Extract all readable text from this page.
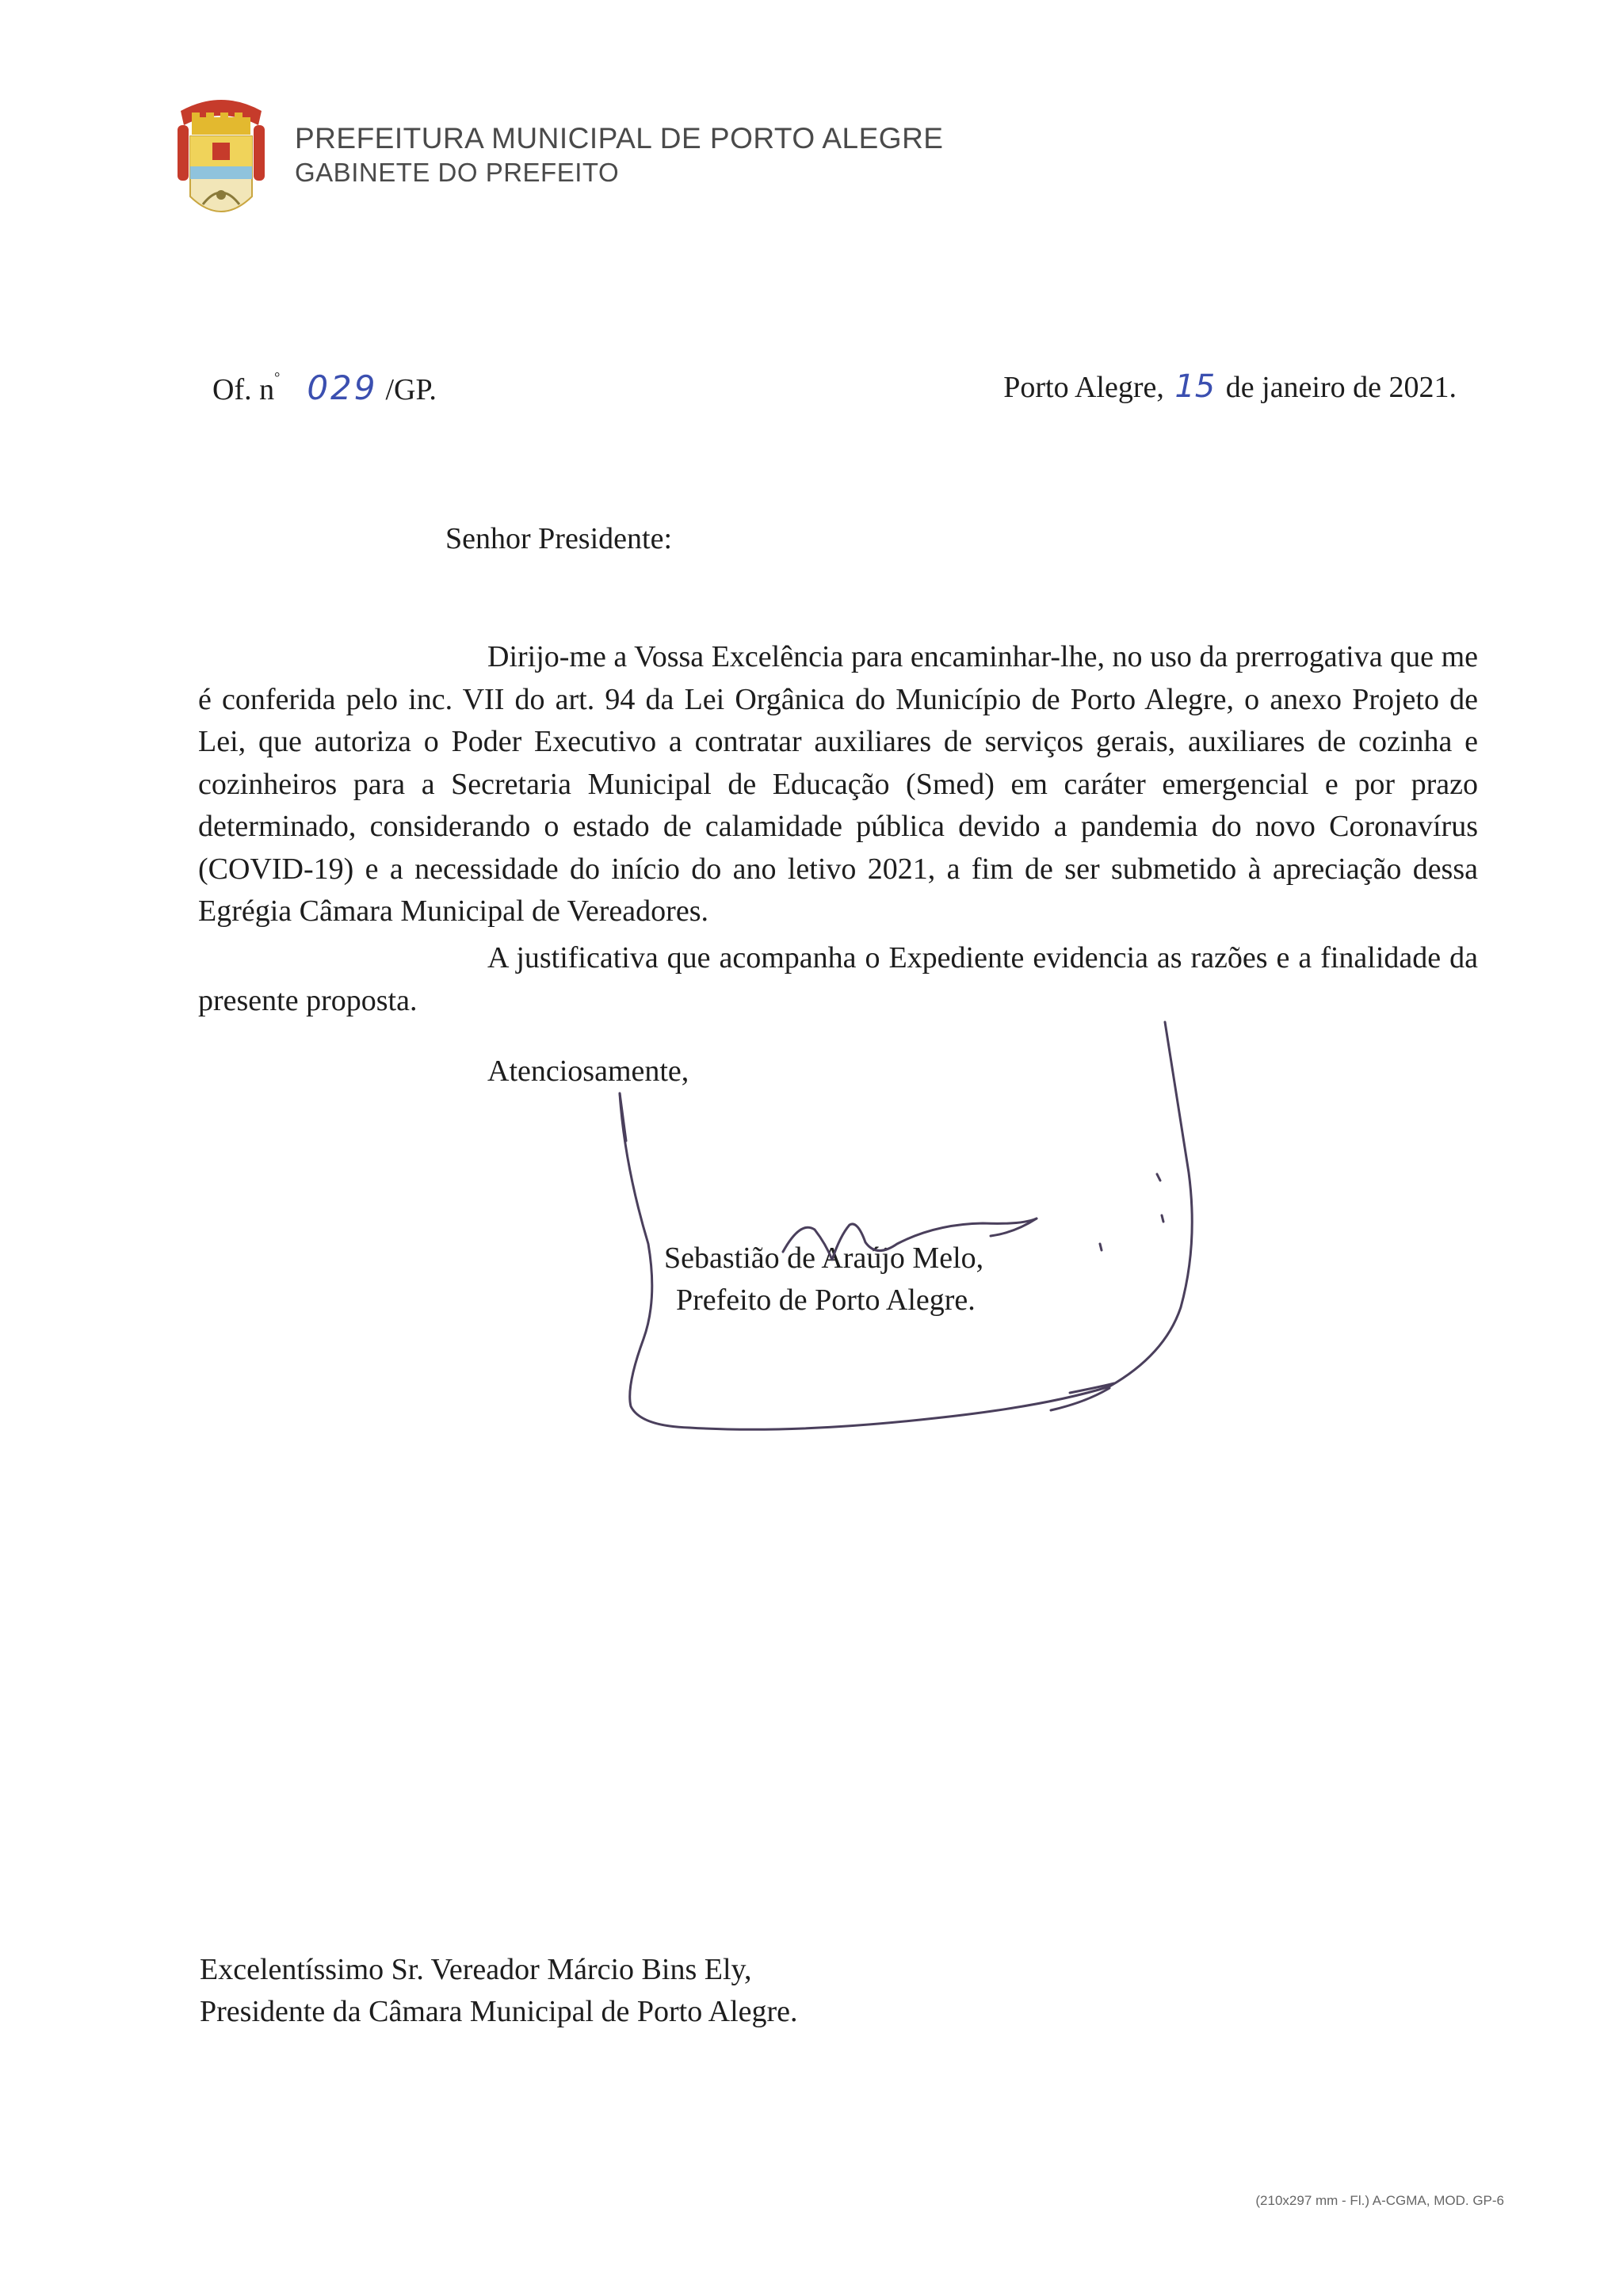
PREFEITURA MUNICIPAL DE PORTO ALEGRE
GABINETE DO PREFEITO
Of. n° 029 /GP.	Porto Alegre, 15 de janeiro de 2021.
Senhor Presidente:

Dirijo-me a Vossa Excelência para encaminhar-lhe, no uso da prerrogativa que me é conferida pelo inc. VII do art. 94 da Lei Orgânica do Município de Porto Alegre, o anexo Projeto de Lei, que autoriza o Poder Executivo a contratar auxiliares de serviços gerais, auxiliares de cozinha e cozinheiros para a Secretaria Municipal de Educação (Smed) em caráter emergencial e por prazo determinado, considerando o estado de calamidade pública devido a pandemia do novo Coronavírus (COVID-19) e a necessidade do início do ano letivo 2021, a fim de ser submetido à apreciação dessa Egrégia Câmara Municipal de Vereadores.

A justificativa que acompanha o Expediente evidencia as razões e a finalidade da presente proposta.

Atenciosamente,
Sebastião de Araújo Melo,
Prefeito de Porto Alegre.
Excelentíssimo Sr. Vereador Márcio Bins Ely,
Presidente da Câmara Municipal de Porto Alegre.
(210x297 mm - Fl.) A-CGMA, MOD. GP-6
